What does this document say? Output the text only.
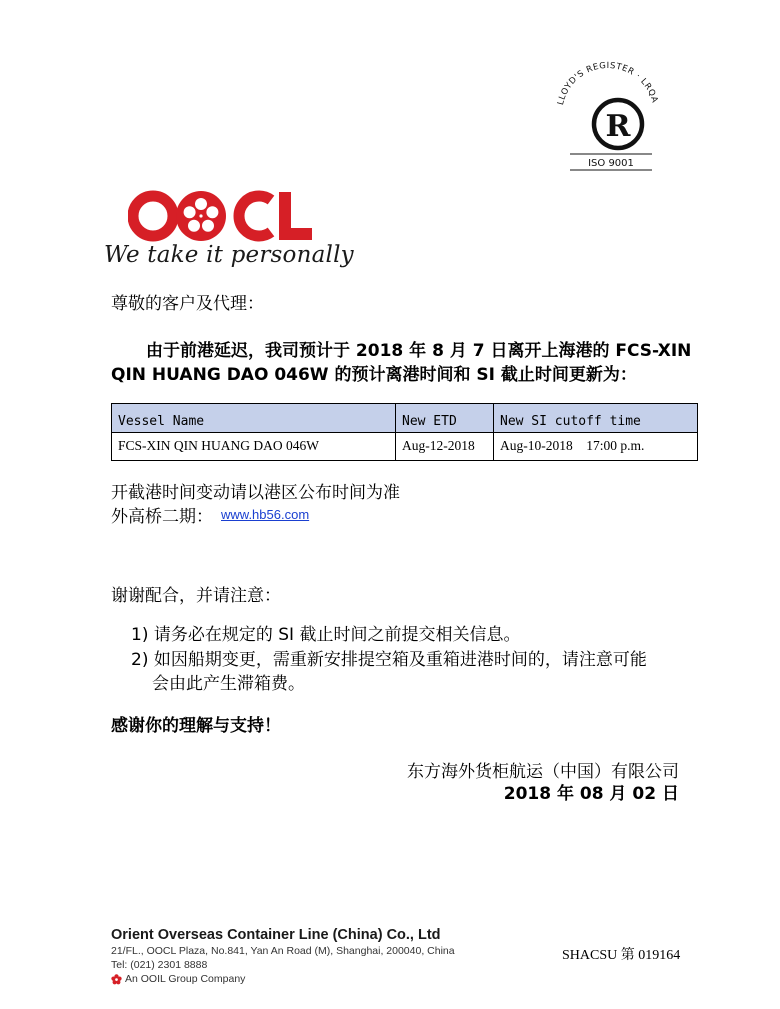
LLOYD'S REGISTER · LRQA
R
ISO 9001
We take it personally
尊敬的客户及代理：
由于前港延迟，我司预计于 2018 年 8 月 7 日离开上海港的 FCS-XIN
QIN HUANG DAO 046W 的预计离港时间和 SI 截止时间更新为：
Vessel Name	New ETD	New SI cutoff time
FCS-XIN QIN HUANG DAO 046W	Aug-12-2018	Aug-10-2018    17:00 p.m.
开截港时间变动请以港区公布时间为准
外高桥二期： www.hb56.com
谢谢配合，并请注意：
1) 请务必在规定的 SI 截止时间之前提交相关信息。
2) 如因船期变更，需重新安排提空箱及重箱进港时间的，请注意可能
会由此产生滞箱费。
感谢你的理解与支持！
东方海外货柜航运（中国）有限公司
2018 年 08 月 02 日
Orient Overseas Container Line (China) Co., Ltd
21/FL., OOCL Plaza, No.841, Yan An Road (M), Shanghai, 200040, China
Tel: (021) 2301 8888
An OOIL Group Company
SHACSU 第 019164
